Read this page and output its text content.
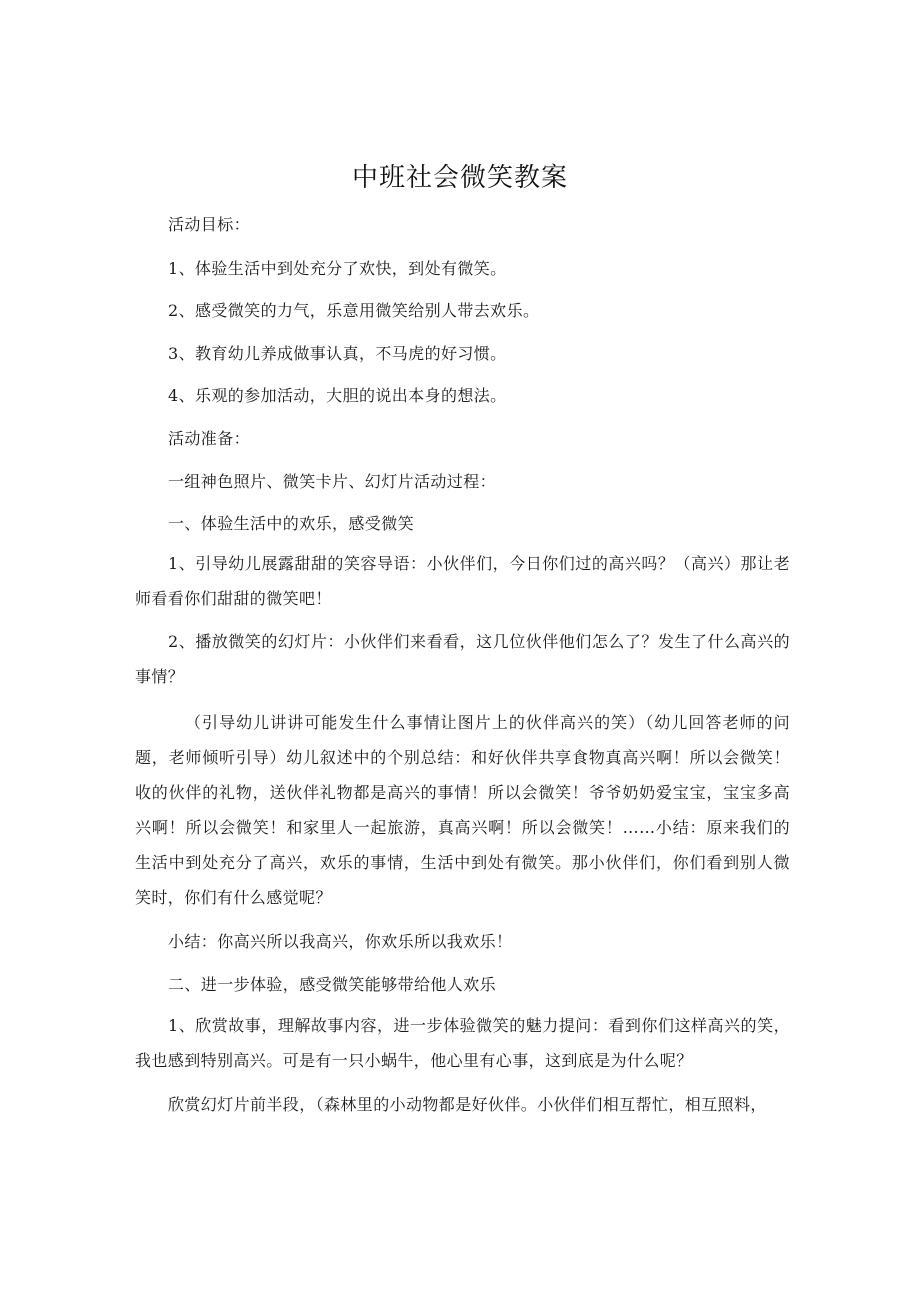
中班社会微笑教案
活动目标：
1、体验生活中到处充分了欢快，到处有微笑。
2、感受微笑的力气，乐意用微笑给别人带去欢乐。
3、教育幼儿养成做事认真，不马虎的好习惯。
4、乐观的参加活动，大胆的说出本身的想法。
活动准备：
一组神色照片、微笑卡片、幻灯片活动过程：
一、体验生活中的欢乐，感受微笑
1、引导幼儿展露甜甜的笑容导语：小伙伴们，今日你们过的高兴吗？（高兴）那让老师看看你们甜甜的微笑吧！
2、播放微笑的幻灯片：小伙伴们来看看，这几位伙伴他们怎么了？发生了什么高兴的事情？
（引导幼儿讲讲可能发生什么事情让图片上的伙伴高兴的笑）（幼儿回答老师的问题，老师倾听引导）幼儿叙述中的个别总结：和好伙伴共享食物真高兴啊！所以会微笑！收的伙伴的礼物，送伙伴礼物都是高兴的事情！所以会微笑！爷爷奶奶爱宝宝，宝宝多高兴啊！所以会微笑！和家里人一起旅游，真高兴啊！所以会微笑！……小结：原来我们的生活中到处充分了高兴，欢乐的事情，生活中到处有微笑。那小伙伴们，你们看到别人微笑时，你们有什么感觉呢？
小结：你高兴所以我高兴，你欢乐所以我欢乐！
二、进一步体验，感受微笑能够带给他人欢乐
1、欣赏故事，理解故事内容，进一步体验微笑的魅力提问：看到你们这样高兴的笑，我也感到特别高兴。可是有一只小蜗牛，他心里有心事，这到底是为什么呢？
欣赏幻灯片前半段，（森林里的小动物都是好伙伴。小伙伴们相互帮忙，相互照料，
